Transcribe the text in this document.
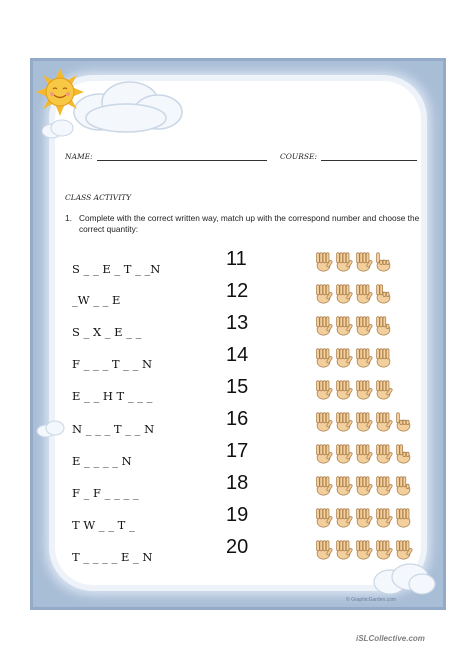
NAME:	COURSE:
CLASS ACTIVITY
1. Complete with the correct written way, match up with the correspond number and choose the correct quantity:
S _ _ E _ T _ _N
_W _ _ E
S _ X _ E _ _
F _ _ _ T _ _ N
E _ _ H T _ _ _
N _ _ _ T _ _ N
E _ _ _ _ N
F _ F _ _ _ _
T W _ _ T _
T _ _ _ _ E _ N
11
12
13
14
15
16
17
18
19
20
© GraphicGarden.com
iSLCollective.com
